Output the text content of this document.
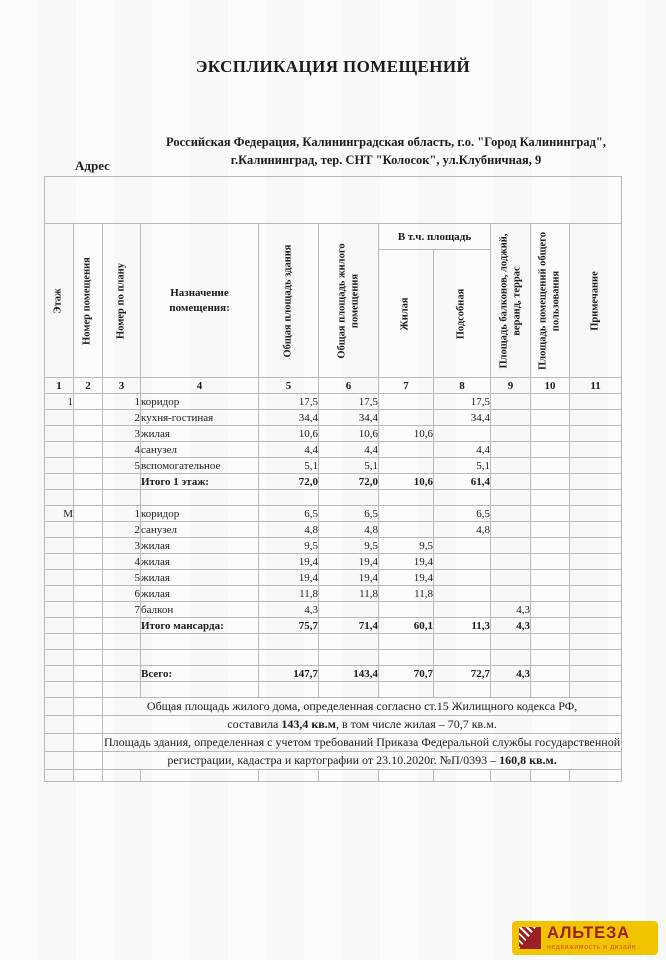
ЭКСПЛИКАЦИЯ ПОМЕЩЕНИЙ
Адрес
Российская Федерация, Калининградская область, г.о. "Город Калининград",
г.Калининград, тер. СНТ "Колосок", ул.Клубничная, 9

Этаж	Номер помещения	Номер по плану	Назначение помещения:	Общая площадь здания	Общая площадь жилого помещения	В т.ч. площадь		Площадь балконов, лоджий, веранд, террас	Площадь помещений общего пользования	Примечание

						Жилая	Подсобная			

1	2	3	4	5	6	7	8	9	10	11
1		1	коридор	17,5	17,5		17,5			
		2	кухня-гостиная	34,4	34,4		34,4			
		3	жилая	10,6	10,6	10,6				
		4	санузел	4,4	4,4		4,4			
		5	вспомогательное	5,1	5,1		5,1			
			Итого 1 этаж:	72,0	72,0	10,6	61,4			

М		1	коридор	6,5	6,5		6,5			
		2	санузел	4,8	4,8		4,8			
		3	жилая	9,5	9,5	9,5				
		4	жилая	19,4	19,4	19,4				
		5	жилая	19,4	19,4	19,4				
		6	жилая	11,8	11,8	11,8				
		7	балкон	4,3				4,3		
			Итого мансарда:	75,7	71,4	60,1	11,3	4,3		

			Всего:	147,7	143,4	70,7	72,7	4,3		

		Общая площадь жилого дома, определенная согласно ст.15 Жилищного кодекса РФ,								
		составила 143,4 кв.м, в том числе жилая – 70,7 кв.м.								
		Площадь здания, определенная с учетом требований Приказа Федеральной службы государственной								
		регистрации, кадастра и картографии от 23.10.2020г. №П/0393 – 160,8 кв.м.								

АЛЬТЕЗА
недвижимость и дизайн
